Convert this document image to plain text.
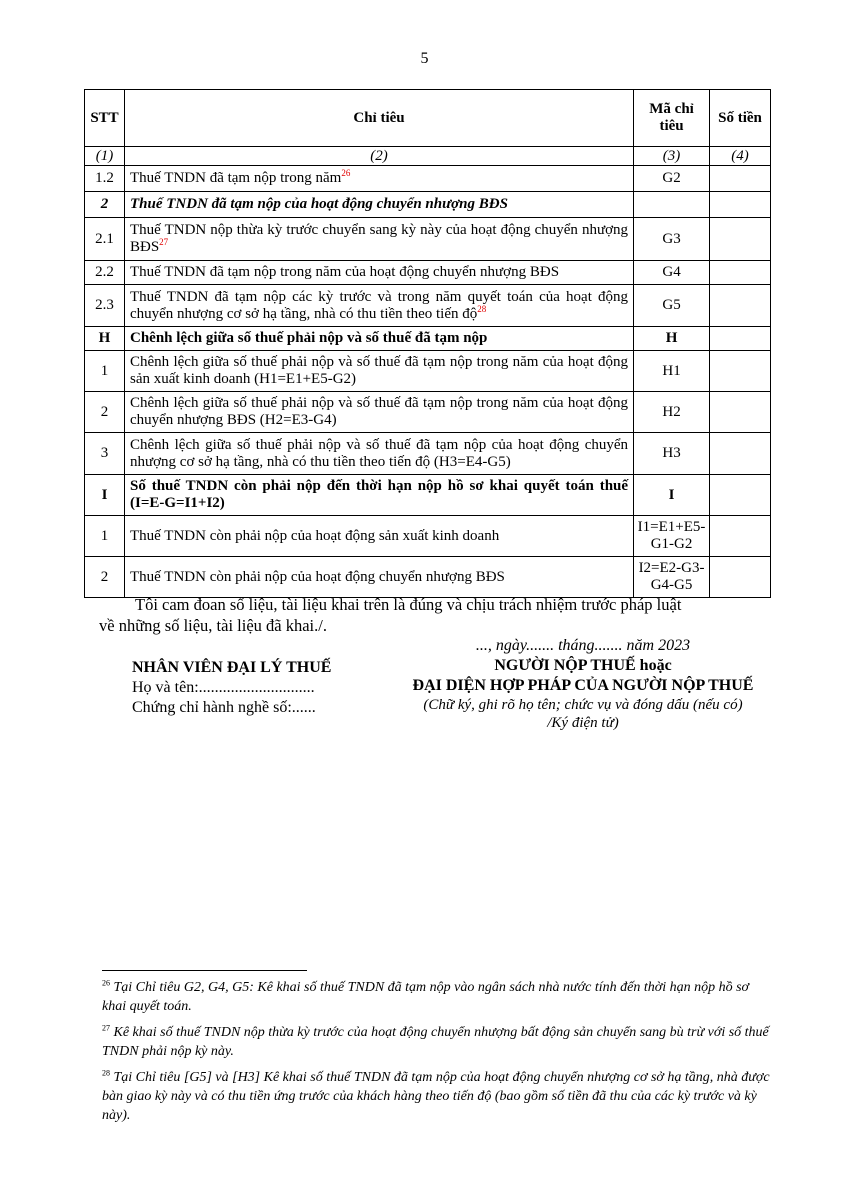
5
STT	Chỉ tiêu	Mã chỉ tiêu	Số tiền
(1)	(2)	(3)	(4)
1.2	Thuế TNDN đã tạm nộp trong năm$^{26}$	G2	
2	Thuế TNDN đã tạm nộp của hoạt động chuyển nhượng BĐS		
2.1	Thuế TNDN nộp thừa kỳ trước chuyển sang kỳ này của hoạt động chuyển nhượng BĐS$^{27}$	G3	
2.2	Thuế TNDN đã tạm nộp trong năm của hoạt động chuyển nhượng BĐS	G4	
2.3	Thuế TNDN đã tạm nộp các kỳ trước và trong năm quyết toán của hoạt động chuyển nhượng cơ sở hạ tầng, nhà có thu tiền theo tiến độ$^{28}$	G5	
H	Chênh lệch giữa số thuế phải nộp và số thuế đã tạm nộp	H	
1	Chênh lệch giữa số thuế phải nộp và số thuế đã tạm nộp trong năm của hoạt động sản xuất kinh doanh (H1=E1+E5-G2)	H1	
2	Chênh lệch giữa số thuế phải nộp và số thuế đã tạm nộp trong năm của hoạt động chuyển nhượng BĐS (H2=E3-G4)	H2	
3	Chênh lệch giữa số thuế phải nộp và số thuế đã tạm nộp của hoạt động chuyển nhượng cơ sở hạ tầng, nhà có thu tiền theo tiến độ (H3=E4-G5)	H3	
I	Số thuế TNDN còn phải nộp đến thời hạn nộp hồ sơ khai quyết toán thuế (I=E-G=I1+I2)	I	
1	Thuế TNDN còn phải nộp của hoạt động sản xuất kinh doanh	I1=E1+E5-G1-G2	
2	Thuế TNDN còn phải nộp của hoạt động chuyển nhượng BĐS	I2=E2-G3-G4-G5	
Tôi cam đoan số liệu, tài liệu khai trên là đúng và chịu trách nhiệm trước pháp luật
về những số liệu, tài liệu đã khai./.
NHÂN VIÊN ĐẠI LÝ THUẾ
Họ và tên:.............................
Chứng chỉ hành nghề số:......
..., ngày....... tháng....... năm 2023
NGƯỜI NỘP THUẾ hoặc
ĐẠI DIỆN HỢP PHÁP CỦA NGƯỜI NỘP THUẾ
(Chữ ký, ghi rõ họ tên; chức vụ và đóng dấu (nếu có)
/Ký điện tử)

$^{26}$ Tại Chỉ tiêu G2, G4, G5: Kê khai số thuế TNDN đã tạm nộp vào ngân sách nhà nước tính đến thời hạn nộp hồ sơ khai quyết toán.

$^{27}$ Kê khai số thuế TNDN nộp thừa kỳ trước của hoạt động chuyển nhượng bất động sản chuyển sang bù trừ với số thuế TNDN phải nộp kỳ này.

$^{28}$ Tại Chỉ tiêu [G5] và [H3] Kê khai số thuế TNDN đã tạm nộp của hoạt động chuyển nhượng cơ sở hạ tầng, nhà được bàn giao kỳ này và có thu tiền ứng trước của khách hàng theo tiến độ (bao gồm số tiền đã thu của các kỳ trước và kỳ này).
